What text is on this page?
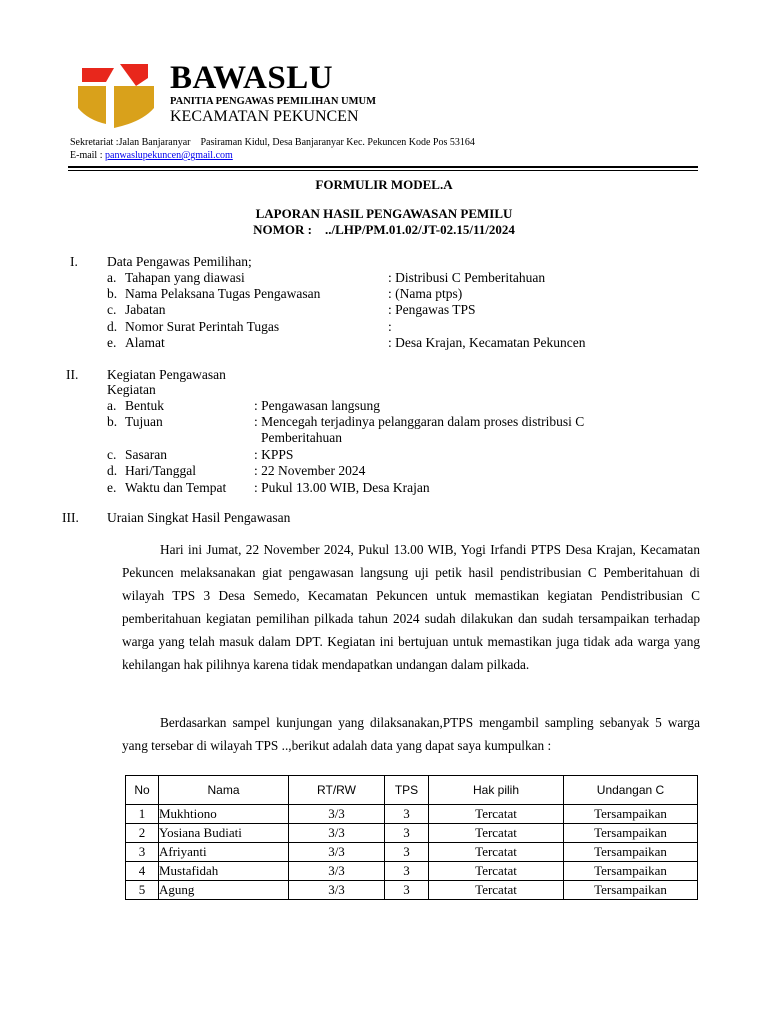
BAWASLU
PANITIA PENGAWAS PEMILIHAN UMUM
KECAMATAN PEKUNCEN
Sekretariat :Jalan Banjaranyar    Pasiraman Kidul, Desa Banjaranyar Kec. Pekuncen Kode Pos 53164
E-mail : panwaslupekuncen@gmail.com
FORMULIR MODEL.A
LAPORAN HASIL PENGAWASAN PEMILU
NOMOR :    ../LHP/PM.01.02/JT-02.15/11/2024
I. Data Pengawas Pemilihan;
a. Tahapan yang diawasi	: Distribusi C Pemberitahuan
b. Nama Pelaksana Tugas Pengawasan	: (Nama ptps)
c. Jabatan	: Pengawas TPS
d. Nomor Surat Perintah Tugas	:
e. Alamat	: Desa Krajan, Kecamatan Pekuncen
II. Kegiatan Pengawasan
Kegiatan
a. Bentuk	: Pengawasan langsung
b. Tujuan	: Mencegah terjadinya pelanggaran dalam proses distribusi C
Pemberitahuan
c. Sasaran	: KPPS
d. Hari/Tanggal	: 22 November 2024
e. Waktu dan Tempat : Pukul 13.00 WIB, Desa Krajan
III. Uraian Singkat Hasil Pengawasan
Hari ini Jumat, 22 November 2024, Pukul 13.00 WIB, Yogi Irfandi PTPS Desa Krajan, Kecamatan Pekuncen melaksanakan giat pengawasan langsung uji petik hasil pendistribusian C Pemberitahuan di wilayah TPS 3 Desa Semedo, Kecamatan Pekuncen untuk memastikan kegiatan Pendistribusian C pemberitahuan kegiatan pemilihan pilkada tahun 2024 sudah dilakukan dan sudah tersampaikan terhadap warga yang telah masuk dalam DPT. Kegiatan ini bertujuan untuk memastikan juga tidak ada warga yang kehilangan hak pilihnya karena tidak mendapatkan undangan dalam pilkada.
Berdasarkan sampel kunjungan yang dilaksanakan,PTPS mengambil sampling sebanyak 5 warga yang tersebar di wilayah TPS ..,berikut adalah data yang dapat saya kumpulkan :
No	Nama	RT/RW	TPS	Hak pilih	Undangan C
1	Mukhtiono	3/3	3	Tercatat	Tersampaikan
2	Yosiana Budiati	3/3	3	Tercatat	Tersampaikan
3	Afriyanti	3/3	3	Tercatat	Tersampaikan
4	Mustafidah	3/3	3	Tercatat	Tersampaikan
5	Agung	3/3	3	Tercatat	Tersampaikan
